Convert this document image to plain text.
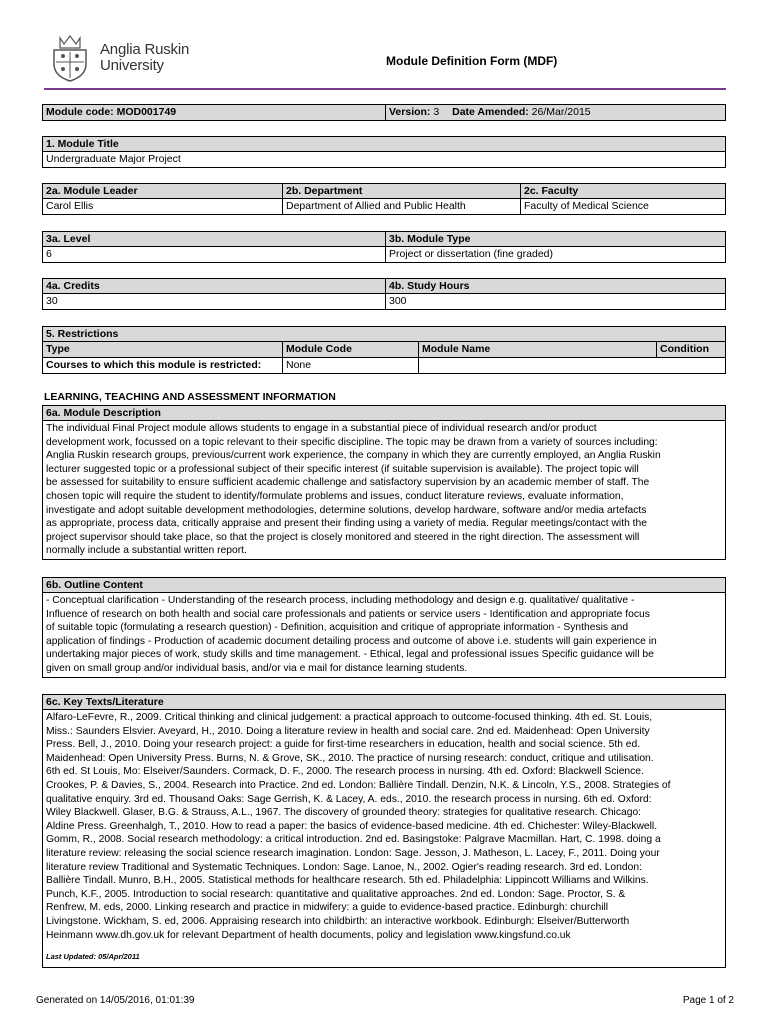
Anglia Ruskin
University	Module Definition Form (MDF)
Module code: MOD001749	Version: 3 Date Amended: 26/Mar/2015
1. Module Title
Undergraduate Major Project
2a. Module Leader	2b. Department	2c. Faculty
Carol Ellis	Department of Allied and Public Health	Faculty of Medical Science
3a. Level	3b. Module Type
6	Project or dissertation (fine graded)
4a. Credits	4b. Study Hours
30	300
5. Restrictions
Type	Module Code	Module Name	Condition
Courses to which this module is restricted:	None
LEARNING, TEACHING AND ASSESSMENT INFORMATION
6a. Module Description
The individual Final Project module allows students to engage in a substantial piece of individual research and/or product
development work, focussed on a topic relevant to their specific discipline. The topic may be drawn from a variety of sources including:
Anglia Ruskin research groups, previous/current work experience, the company in which they are currently employed, an Anglia Ruskin
lecturer suggested topic or a professional subject of their specific interest (if suitable supervision is available). The project topic will
be assessed for suitability to ensure sufficient academic challenge and satisfactory supervision by an academic member of staff. The
chosen topic will require the student to identify/formulate problems and issues, conduct literature reviews, evaluate information,
investigate and adopt suitable development methodologies, determine solutions, develop hardware, software and/or media artefacts
as appropriate, process data, critically appraise and present their finding using a variety of media. Regular meetings/contact with the
project supervisor should take place, so that the project is closely monitored and steered in the right direction. The assessment will
normally include a substantial written report.
6b. Outline Content
- Conceptual clarification - Understanding of the research process, including methodology and design e.g. qualitative/ qualitative -
Influence of research on both health and social care professionals and patients or service users - Identification and appropriate focus
of suitable topic (formulating a research question) - Definition, acquisition and critique of appropriate information - Synthesis and
application of findings - Production of academic document detailing process and outcome of above i.e. students will gain experience in
undertaking major pieces of work, study skills and time management. - Ethical, legal and professional issues Specific guidance will be
given on small group and/or individual basis, and/or via e mail for distance learning students.
6c. Key Texts/Literature
Alfaro-LeFevre, R., 2009. Critical thinking and clinical judgement: a practical approach to outcome-focused thinking. 4th ed. St. Louis,
Miss.: Saunders Elsvier. Aveyard, H., 2010. Doing a literature review in health and social care. 2nd ed. Maidenhead: Open University
Press. Bell, J., 2010. Doing your research project: a guide for first-time researchers in education, health and social science. 5th ed.
Maidenhead: Open University Press. Burns, N. & Grove, SK., 2010. The practice of nursing research: conduct, critique and utilisation.
6th ed. St Louis, Mo: Elseiver/Saunders. Cormack, D. F., 2000. The research process in nursing. 4th ed. Oxford: Blackwell Science.
Crookes, P. & Davies, S., 2004. Research into Practice. 2nd ed. London: Ballière Tindall. Denzin, N.K. & Lincoln, Y.S., 2008. Strategies of
qualitative enquiry. 3rd ed. Thousand Oaks: Sage Gerrish, K. & Lacey, A. eds., 2010. the research process in nursing. 6th ed. Oxford:
Wiley Blackwell. Glaser, B.G. & Strauss, A.L., 1967. The discovery of grounded theory: strategies for qualitative research. Chicago:
Aldine Press. Greenhalgh, T., 2010. How to read a paper: the basics of evidence-based medicine. 4th ed. Chichester: Wiley-Blackwell.
Gomm, R., 2008. Social research methodology: a critical introduction. 2nd ed. Basingstoke: Palgrave Macmillan. Hart, C. 1998. doing a
literature review: releasing the social science research imagination. London: Sage. Jesson, J. Matheson, L. Lacey, F., 2011. Doing your
literature review Traditional and Systematic Techniques. London: Sage. Lanoe, N., 2002. Ogier's reading research. 3rd ed. London:
Ballière Tindall. Munro, B.H., 2005. Statistical methods for healthcare research. 5th ed. Philadelphia: Lippincott Williams and Wilkins.
Punch, K.F., 2005. Introduction to social research: quantitative and qualitative approaches. 2nd ed. London: Sage. Proctor, S. &
Renfrew, M. eds, 2000. Linking research and practice in midwifery: a guide to evidence-based practice. Edinburgh: churchill
Livingstone. Wickham, S. ed, 2006. Appraising research into childbirth: an interactive workbook. Edinburgh: Elseiver/Butterworth
Heinmann www.dh.gov.uk for relevant Department of health documents, policy and legislation www.kingsfund.co.uk
Last Updated: 05/Apr/2011
Generated on 14/05/2016, 01:01:39	Page 1 of 2
